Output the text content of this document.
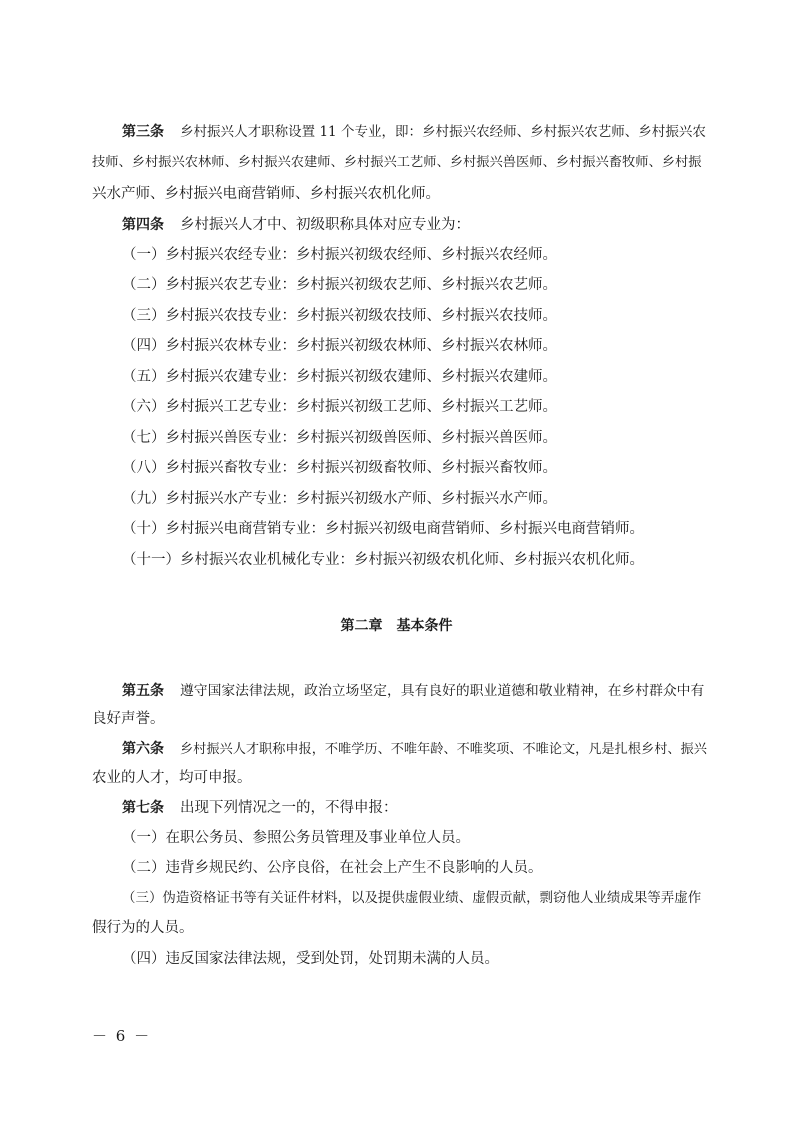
第三条 乡村振兴人才职称设置 11 个专业，即：乡村振兴农经师、乡村振兴农艺师、乡村振兴农
技师、乡村振兴农林师、乡村振兴农建师、乡村振兴工艺师、乡村振兴兽医师、乡村振兴畜牧师、乡村振
兴水产师、乡村振兴电商营销师、乡村振兴农机化师。
第四条 乡村振兴人才中、初级职称具体对应专业为：
（一）乡村振兴农经专业：乡村振兴初级农经师、乡村振兴农经师。
（二）乡村振兴农艺专业：乡村振兴初级农艺师、乡村振兴农艺师。
（三）乡村振兴农技专业：乡村振兴初级农技师、乡村振兴农技师。
（四）乡村振兴农林专业：乡村振兴初级农林师、乡村振兴农林师。
（五）乡村振兴农建专业：乡村振兴初级农建师、乡村振兴农建师。
（六）乡村振兴工艺专业：乡村振兴初级工艺师、乡村振兴工艺师。
（七）乡村振兴兽医专业：乡村振兴初级兽医师、乡村振兴兽医师。
（八）乡村振兴畜牧专业：乡村振兴初级畜牧师、乡村振兴畜牧师。
（九）乡村振兴水产专业：乡村振兴初级水产师、乡村振兴水产师。
（十）乡村振兴电商营销专业：乡村振兴初级电商营销师、乡村振兴电商营销师。
（十一）乡村振兴农业机械化专业：乡村振兴初级农机化师、乡村振兴农机化师。
第二章　基本条件
第五条 遵守国家法律法规，政治立场坚定，具有良好的职业道德和敬业精神，在乡村群众中有
良好声誉。
第六条 乡村振兴人才职称申报，不唯学历、不唯年龄、不唯奖项、不唯论文，凡是扎根乡村、振兴
农业的人才，均可申报。
第七条 出现下列情况之一的，不得申报：
（一）在职公务员、参照公务员管理及事业单位人员。
（二）违背乡规民约、公序良俗，在社会上产生不良影响的人员。
（三）伪造资格证书等有关证件材料，以及提供虚假业绩、虚假贡献，剽窃他人业绩成果等弄虚作
假行为的人员。
（四）违反国家法律法规，受到处罚，处罚期未满的人员。
－ 6 －
